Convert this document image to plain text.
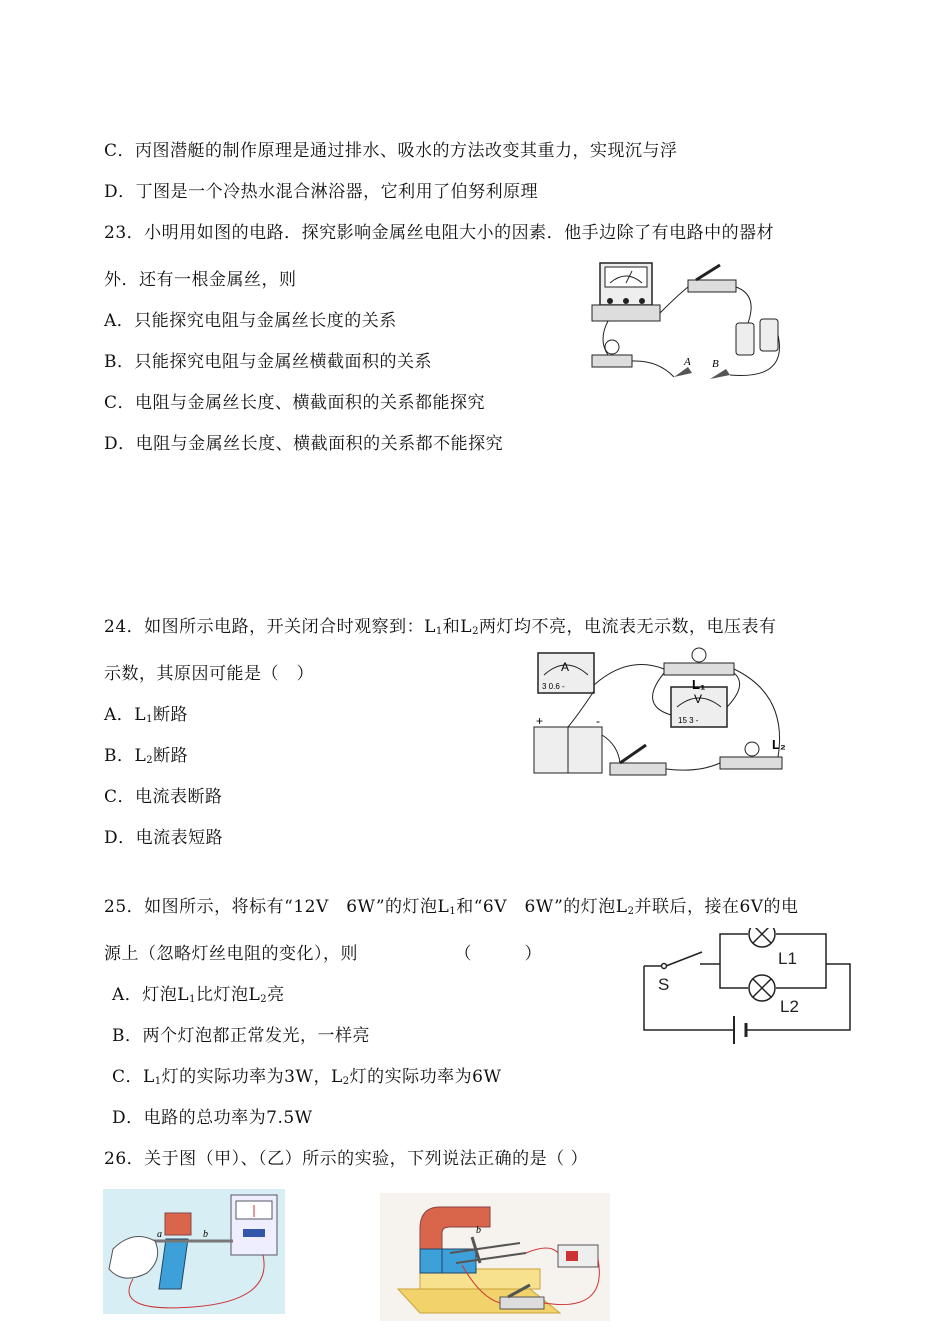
C．丙图潜艇的制作原理是通过排水、吸水的方法改变其重力，实现沉与浮
D．丁图是一个冷热水混合淋浴器，它利用了伯努利原理
23．小明用如图的电路．探究影响金属丝电阻大小的因素．他手边除了有电路中的器材
外．还有一根金属丝，则
A．只能探究电阻与金属丝长度的关系
B．只能探究电阻与金属丝横截面积的关系
C．电阻与金属丝长度、横截面积的关系都能探究
D．电阻与金属丝长度、横截面积的关系都不能探究
A B
24．如图所示电路，开关闭合时观察到：$L_1$和$L_2$两灯均不亮，电流表无示数，电压表有
示数，其原因可能是（　）
A．$L_1$断路
B．$L_2$断路
C．电流表断路
D．电流表短路
A
3 0.6 -
V
15 3 -
L₁
L₂
+	-
25．如图所示，将标有“12V　6W”的灯泡$L_1$和“6V　6W”的灯泡$L_2$并联后，接在6V的电
源上（忽略灯丝电阻的变化），则　　　　　　（　　　）
A．灯泡$L_1$比灯泡$L_2$亮
B．两个灯泡都正常发光，一样亮
C．$L_1$灯的实际功率为3W，$L_2$灯的实际功率为6W
D．电路的总功率为7.5W
S
L1
L2
26．关于图（甲）、（乙）所示的实验，下列说法正确的是（ ）
a	b	b
